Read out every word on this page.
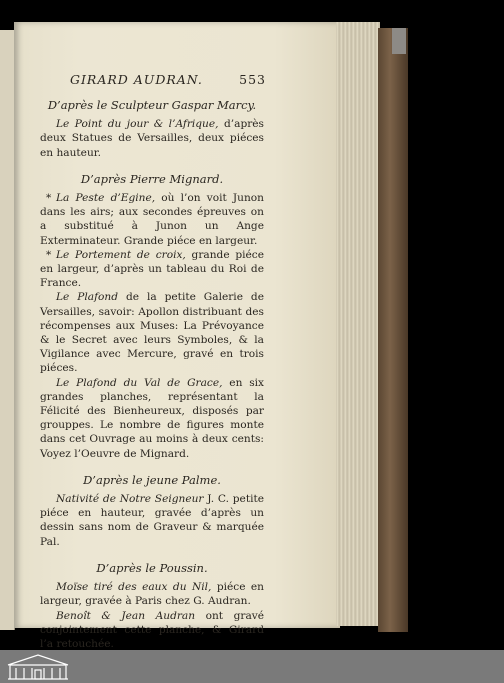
GIRARD AUDRAN.	553
D’après le Sculpteur Gaspar Marcy.

Le Point du jour & l’Afrique, d’après deux Statues de Versailles, deux piéces en hauteur.

D’après Pierre Mignard.

* La Peste d’Egine, où l’on voit Junon dans les airs; aux secondes épreuves on a substitué à Junon un Ange Exterminateur. Grande piéce en largeur.

* Le Portement de croix, grande piéce en largeur, d’après un tableau du Roi de France.

Le Plafond de la petite Galerie de Versailles, savoir: Apollon distribuant des récompenses aux Muses: La Prévoyance & le Secret avec leurs Symboles, & la Vigilance avec Mercure, gravé en trois piéces.

Le Plafond du Val de Grace, en six grandes planches, représentant la Félicité des Bienheureux, disposés par grouppes. Le nombre de figures monte dans cet Ouvrage au moins à deux cents: Voyez l’Oeuvre de Mignard.

D’après le jeune Palme.

Nativité de Notre Seigneur J. C. petite piéce en hauteur, gravée d’après un dessin sans nom de Graveur & marquée Pal.

D’après le Poussin.

Moïse tiré des eaux du Nil, piéce en largeur, gravée à Paris chez G. Audran.

Benoît & Jean Audran ont gravé conjointement cette planche, & Girard l’a retouchée.
